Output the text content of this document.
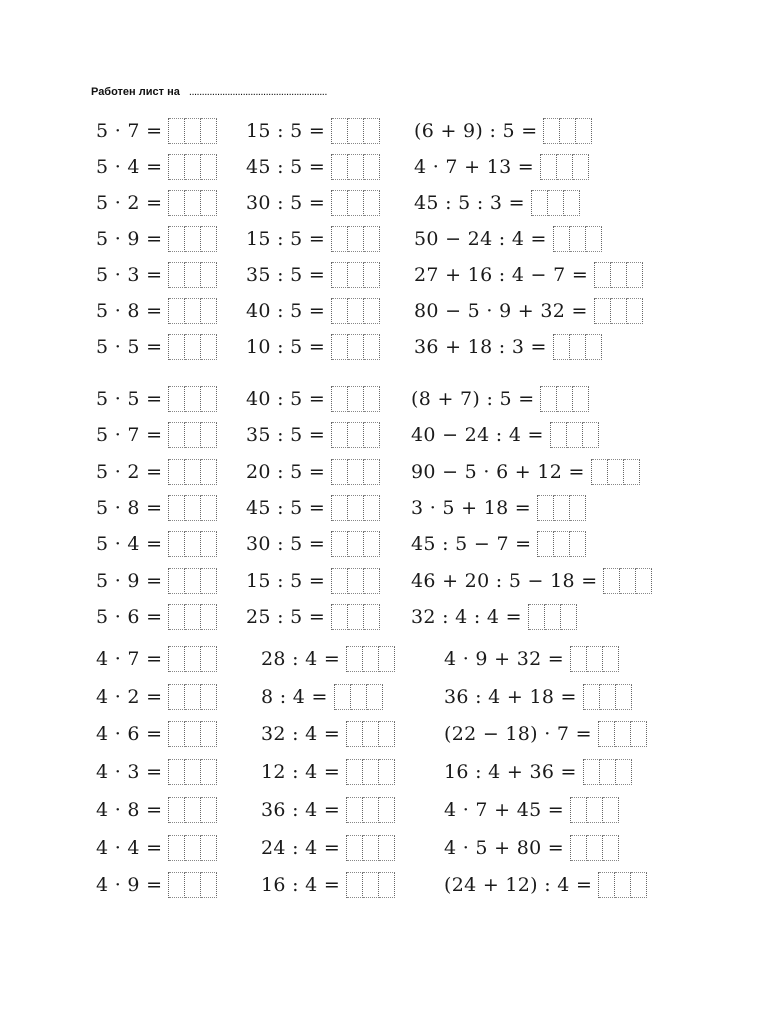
Работен лист на ......................................................
5 · 7 =	15 : 5 =	(6 + 9) : 5 =
5 · 4 =	45 : 5 =	4 · 7 + 13 =
5 · 2 =	30 : 5 =	45 : 5 : 3 =
5 · 9 =	15 : 5 =	50 − 24 : 4 =
5 · 3 =	35 : 5 =	27 + 16 : 4 − 7 =
5 · 8 =	40 : 5 =	80 − 5 · 9 + 32 =
5 · 5 =	10 : 5 =	36 + 18 : 3 =
5 · 5 =	40 : 5 =	(8 + 7) : 5 =
5 · 7 =	35 : 5 =	40 − 24 : 4 =
5 · 2 =	20 : 5 =	90 − 5 · 6 + 12 =
5 · 8 =	45 : 5 =	3 · 5 + 18 =
5 · 4 =	30 : 5 =	45 : 5 − 7 =
5 · 9 =	15 : 5 =	46 + 20 : 5 − 18 =
5 · 6 =	25 : 5 =	32 : 4 : 4 =
4 · 7 =	28 : 4 =	4 · 9 + 32 =
4 · 2 =	8 : 4 =	36 : 4 + 18 =
4 · 6 =	32 : 4 =	(22 − 18) · 7 =
4 · 3 =	12 : 4 =	16 : 4 + 36 =
4 · 8 =	36 : 4 =	4 · 7 + 45 =
4 · 4 =	24 : 4 =	4 · 5 + 80 =
4 · 9 =	16 : 4 =	(24 + 12) : 4 =
